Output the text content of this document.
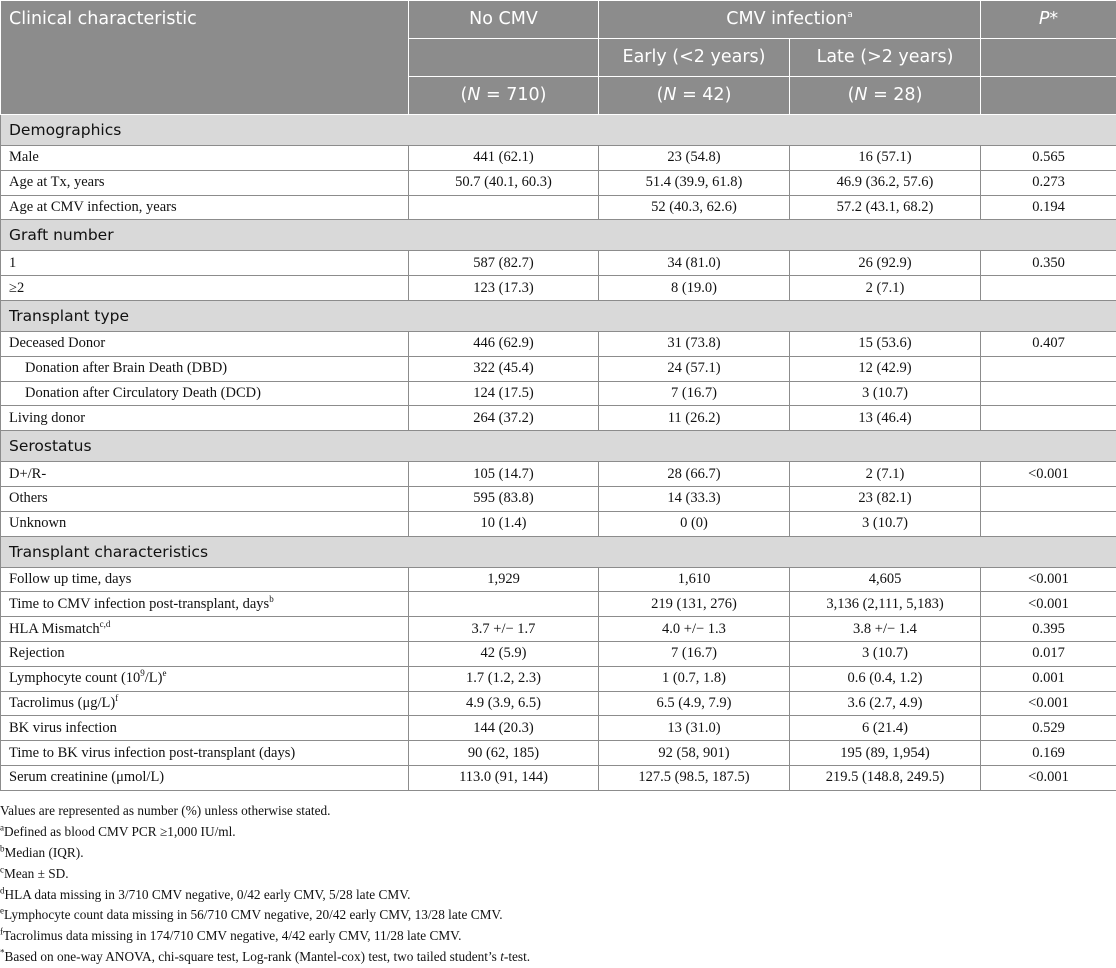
Clinical characteristic	No CMV	CMV infection$^a$		P*
		Early (<2 years)	Late (>2 years)	
	(N = 710)	(N = 42)	(N = 28)	
Demographics				
Male	441 (62.1)	23 (54.8)	16 (57.1)	0.565
Age at Tx, years	50.7 (40.1, 60.3)	51.4 (39.9, 61.8)	46.9 (36.2, 57.6)	0.273
Age at CMV infection, years		52 (40.3, 62.6)	57.2 (43.1, 68.2)	0.194
Graft number				
1	587 (82.7)	34 (81.0)	26 (92.9)	0.350
≥2	123 (17.3)	8 (19.0)	2 (7.1)	
Transplant type				
Deceased Donor	446 (62.9)	31 (73.8)	15 (53.6)	0.407
Donation after Brain Death (DBD)	322 (45.4)	24 (57.1)	12 (42.9)	
Donation after Circulatory Death (DCD)	124 (17.5)	7 (16.7)	3 (10.7)	
Living donor	264 (37.2)	11 (26.2)	13 (46.4)	
Serostatus				
D+/R-	105 (14.7)	28 (66.7)	2 (7.1)	<0.001
Others	595 (83.8)	14 (33.3)	23 (82.1)	
Unknown	10 (1.4)	0 (0)	3 (10.7)	
Transplant characteristics				
Follow up time, days	1,929	1,610	4,605	<0.001
Time to CMV infection post-transplant, days$^b$		219 (131, 276)	3,136 (2,111, 5,183)	<0.001
HLA Mismatch$^{c,d}$	3.7 +/− 1.7	4.0 +/− 1.3	3.8 +/− 1.4	0.395
Rejection	42 (5.9)	7 (16.7)	3 (10.7)	0.017
Lymphocyte count $(10^9/L)^e$	1.7 (1.2, 2.3)	1 (0.7, 1.8)	0.6 (0.4, 1.2)	0.001
Tacrolimus $(\mu g/L)^f$	4.9 (3.9, 6.5)	6.5 (4.9, 7.9)	3.6 (2.7, 4.9)	<0.001
BK virus infection	144 (20.3)	13 (31.0)	6 (21.4)	0.529
Time to BK virus infection post-transplant (days)	90 (62, 185)	92 (58, 901)	195 (89, 1,954)	0.169
Serum creatinine (μmol/L)	113.0 (91, 144)	127.5 (98.5, 187.5)	219.5 (148.8, 249.5)	<0.001
Values are represented as number (%) unless otherwise stated.
$^a$Defined as blood CMV PCR ≥1,000 IU/ml.
$^b$Median (IQR).
$^c$Mean ± SD.
$^d$HLA data missing in 3/710 CMV negative, 0/42 early CMV, 5/28 late CMV.
$^e$Lymphocyte count data missing in 56/710 CMV negative, 20/42 early CMV, 13/28 late CMV.
$^f$Tacrolimus data missing in 174/710 CMV negative, 4/42 early CMV, 11/28 late CMV.
*Based on one-way ANOVA, chi-square test, Log-rank (Mantel-cox) test, two tailed student’s t-test.
